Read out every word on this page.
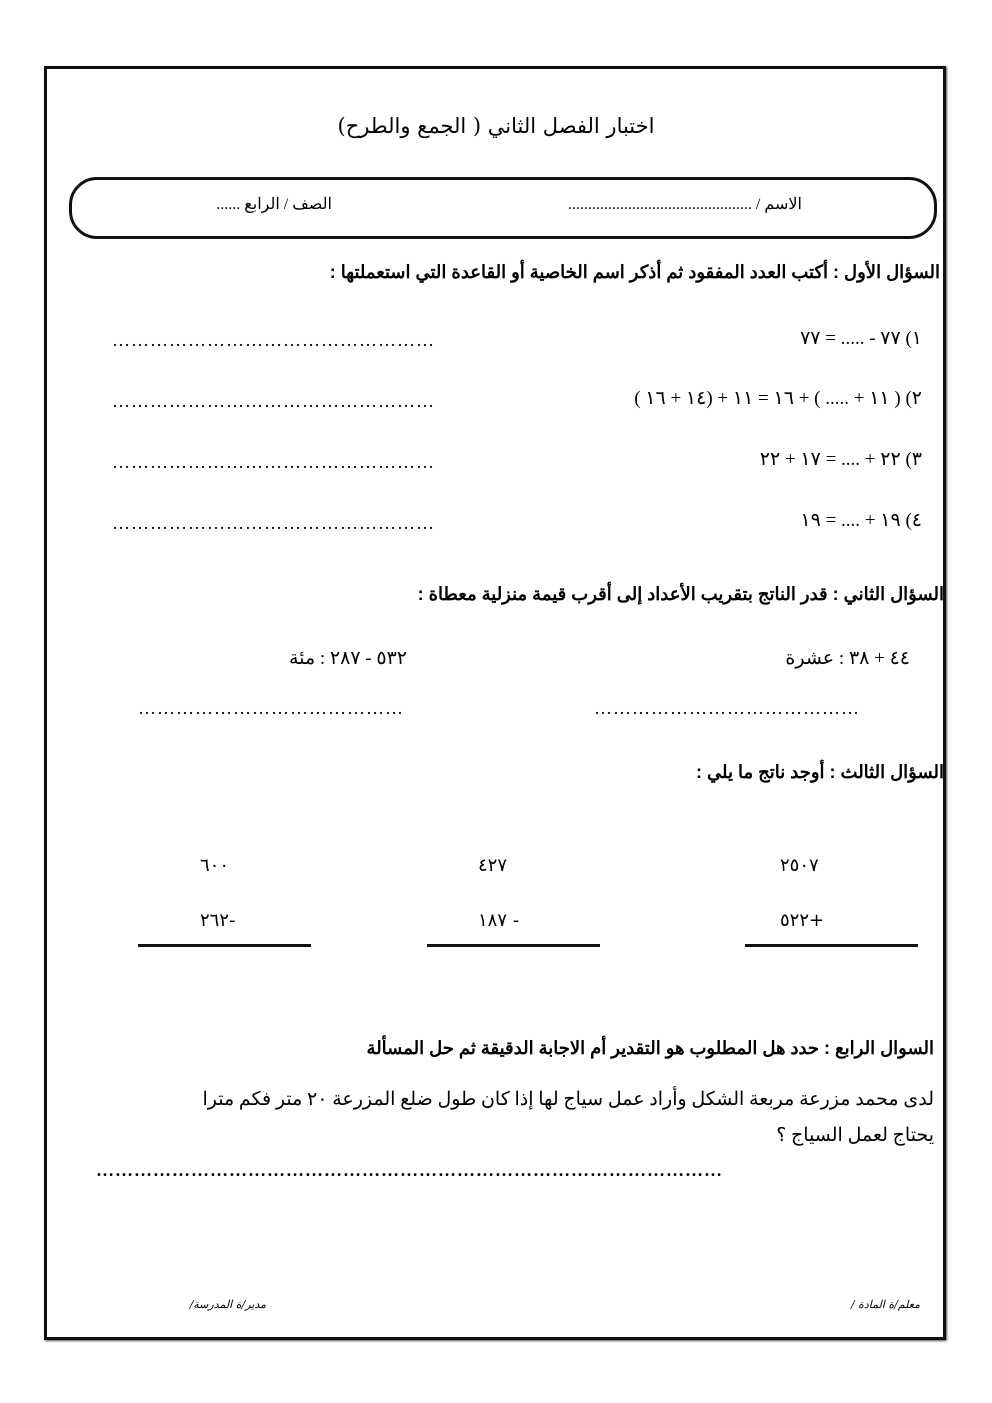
اختبار الفصل الثاني ( الجمع والطرح)
الاسم / ..............................................
الصف / الرابع ......
السؤال الأول : أكتب العدد المفقود ثم أذكر اسم الخاصية أو القاعدة التي استعملتها :
١) ٧٧ - ..... = ٧٧
٢) ( ١١ + ..... ) + ١٦ = ١١ + (١٤ + ١٦ )
٣) ٢٢ + .... = ١٧ + ٢٢
٤) ١٩ + .... = ١٩
……………………………………………
……………………………………………
……………………………………………
……………………………………………
السؤال الثاني : قدر الناتج بتقريب الأعداد إلى أقرب قيمة منزلية معطاة :
٤٤ + ٣٨ : عشرة
٥٣٢ - ٢٨٧ : مئة
……………………………………
……………………………………
السؤال الثالث : أوجد ناتج ما يلي :
٢٥٠٧
+٥٢٢
٤٢٧
- ١٨٧
٦٠٠
-٢٦٢
السوال الرابع : حدد هل المطلوب هو التقدير أم الاجابة الدقيقة ثم حل المسألة
لدى محمد مزرعة مربعة الشكل وأراد عمل سياج لها إذا كان طول ضلع المزرعة ٢٠ متر فكم مترا
يحتاج لعمل السياج ؟
………………………………………………………………………………………
معلم/ة المادة /
مدير/ة المدرسة/
